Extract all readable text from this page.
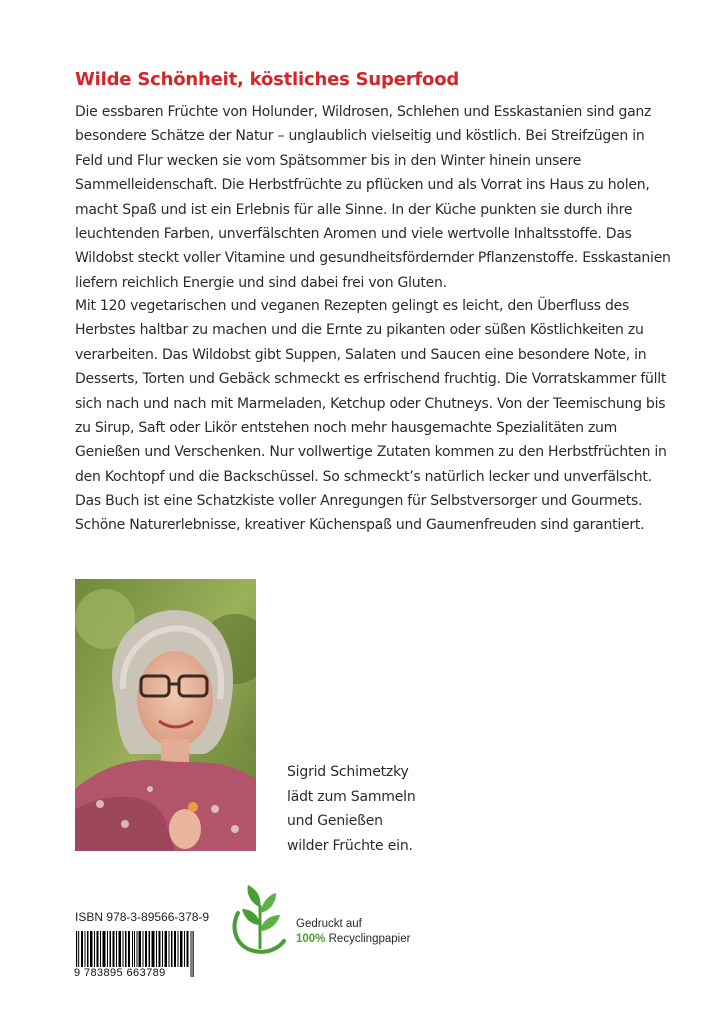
Wilde Schönheit, köstliches Superfood

Die essbaren Früchte von Holunder, Wildrosen, Schlehen und Esskastanien sind ganz besondere Schätze der Natur – unglaublich vielseitig und köstlich. Bei Streifzügen in Feld und Flur wecken sie vom Spätsommer bis in den Winter hinein unsere Sammelleidenschaft. Die Herbstfrüchte zu pflücken und als Vorrat ins Haus zu holen, macht Spaß und ist ein Erlebnis für alle Sinne. In der Küche punkten sie durch ihre leuchtenden Farben, unverfälschten Aromen und viele wertvolle Inhaltsstoffe. Das Wildobst steckt voller Vitamine und gesundheitsfördernder Pflanzenstoffe. Esskastanien liefern reichlich Energie und sind dabei frei von Gluten.

Mit 120 vegetarischen und veganen Rezepten gelingt es leicht, den Überfluss des Herbstes haltbar zu machen und die Ernte zu pikanten oder süßen Köstlichkeiten zu verarbeiten. Das Wildobst gibt Suppen, Salaten und Saucen eine besondere Note, in Desserts, Torten und Gebäck schmeckt es erfrischend fruchtig. Die Vorratskammer füllt sich nach und nach mit Marmeladen, Ketchup oder Chutneys. Von der Teemischung bis zu Sirup, Saft oder Likör entstehen noch mehr hausgemachte Spezialitäten zum Genießen und Verschenken. Nur vollwertige Zutaten kommen zu den Herbstfrüchten in den Kochtopf und die Backschüssel. So schmeckt’s natürlich lecker und unverfälscht.

Das Buch ist eine Schatzkiste voller Anregungen für Selbstversorger und Gourmets. Schöne Naturerlebnisse, kreativer Küchenspaß und Gaumenfreuden sind garantiert.

Sigrid Schimetzky
lädt zum Sammeln
und Genießen
wilder Früchte ein.
ISBN 978-3-89566-378-9
9 783895 663789
Gedruckt auf
100% Recyclingpapier
